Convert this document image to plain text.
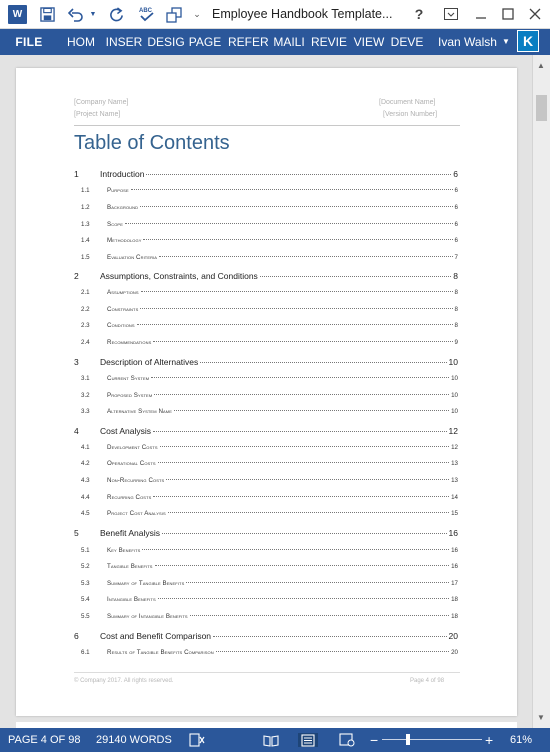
W	▼	ABC	⌄ Employee Handbook Template...	?
FILE	HOM INSER DESIG PAGE REFER MAILI REVIE VIEW DEVE Ivan Walsh ▼ K
[Company Name]
[Project Name]
[Document Name]
[Version Number]
Table of Contents
1	Introduction	6
1.1	Purpose	6
1.2	Background	6
1.3	Scope	6
1.4	Methodology	6
1.5	Evaluation Criteria	7
2	Assumptions, Constraints, and Conditions	8
2.1	Assumptions	8
2.2	Constraints	8
2.3	Conditions	8
2.4	Recommendations	9
3	Description of Alternatives	10
3.1	Current System	10
3.2	Proposed System	10
3.3	Alternative System Name	10
4	Cost Analysis	12
4.1	Development Costs	12
4.2	Operational Costs	13
4.3	Non-Recurring Costs	13
4.4	Recurring Costs	14
4.5	Project Cost Analysis	15
5	Benefit Analysis	16
5.1	Key Benefits	16
5.2	Tangible Benefits	16
5.3	Summary of Tangible Benefits	17
5.4	Intangible Benefits	18
5.5	Summary of Intangible Benefits	18
6	Cost and Benefit Comparison	20
6.1	Results of Tangible Benefits Comparison	20
© Company 2017. All rights reserved.	Page 4 of 98
▲
▼
PAGE 4 OF 98 29140 WORDS	−	+ 61%
